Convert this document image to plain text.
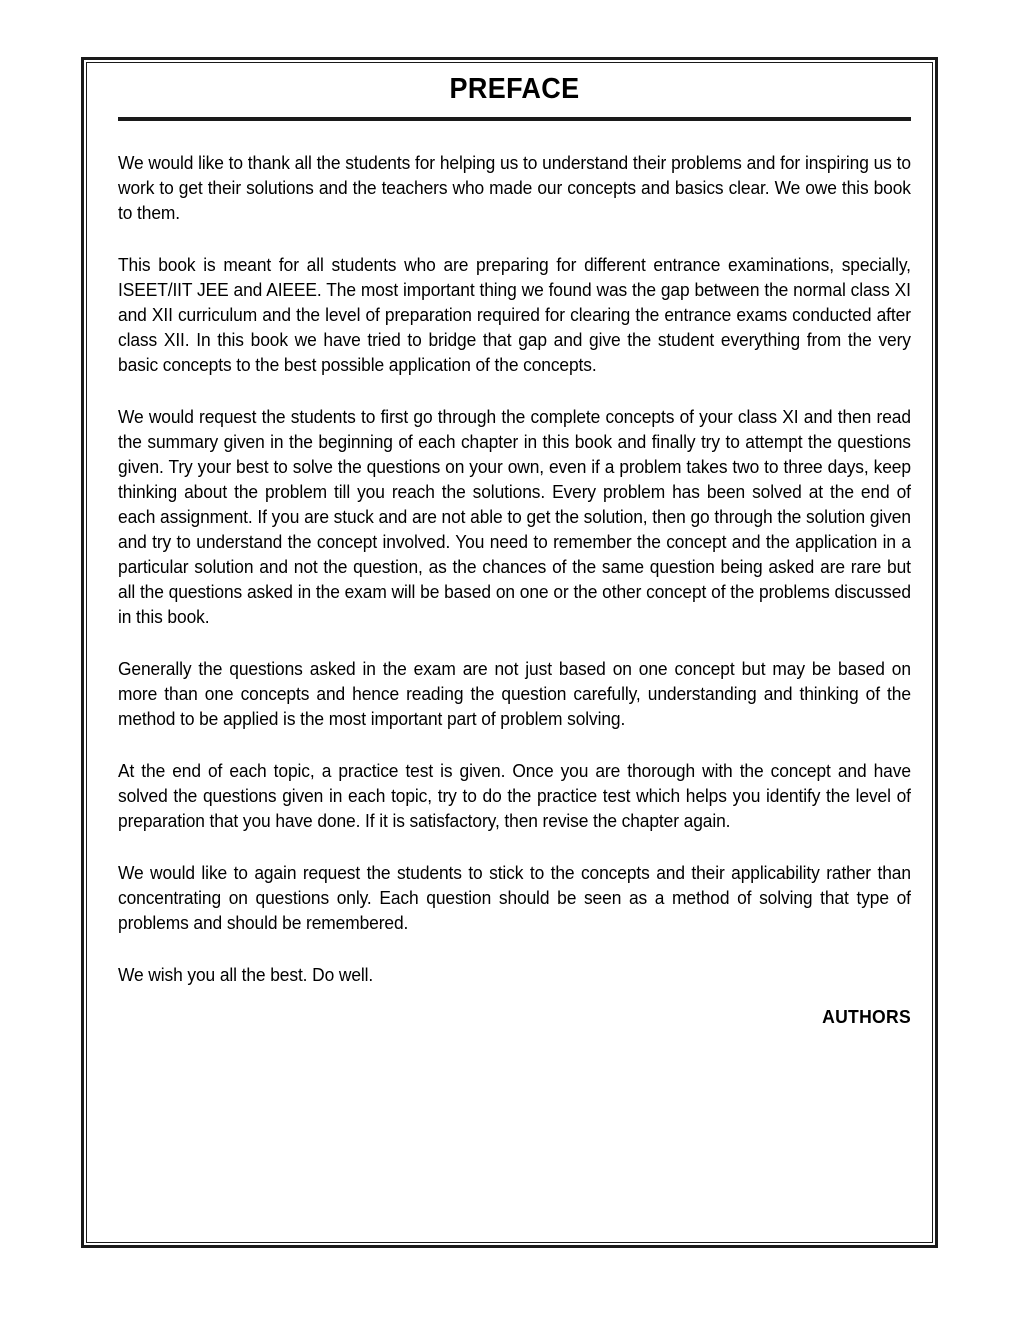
PREFACE

We would like to thank all the students for helping us to understand their problems and for inspiring us to work to get their solutions and the teachers who made our concepts and basics clear. We owe this book to them.

This book is meant for all students who are preparing for different entrance examinations, specially, ISEET/IIT JEE and AIEEE. The most important thing we found was the gap between the normal class XI and XII curriculum and the level of preparation required for clearing the entrance exams conducted after class XII. In this book we have tried to bridge that gap and give the student everything from the very basic concepts to the best possible application of the concepts.

We would request the students to first go through the complete concepts of your class XI and then read the summary given in the beginning of each chapter in this book and finally try to attempt the questions given. Try your best to solve the questions on your own, even if a problem takes two to three days, keep thinking about the problem till you reach the solutions. Every problem has been solved at the end of each assignment. If you are stuck and are not able to get the solution, then go through the solution given and try to understand the concept involved. You need to remember the concept and the application in a particular solution and not the question, as the chances of the same question being asked are rare but all the questions asked in the exam will be based on one or the other concept of the problems discussed in this book.

Generally the questions asked in the exam are not just based on one concept but may be based on more than one concepts and hence reading the question carefully, understanding and thinking of the method to be applied is the most important part of problem solving.

At the end of each topic, a practice test is given. Once you are thorough with the concept and have solved the questions given in each topic, try to do the practice test which helps you identify the level of preparation that you have done. If it is satisfactory, then revise the chapter again.

We would like to again request the students to stick to the concepts and their applicability rather than concentrating on questions only. Each question should be seen as a method of solving that type of problems and should be remembered.

We wish you all the best. Do well.

AUTHORS
